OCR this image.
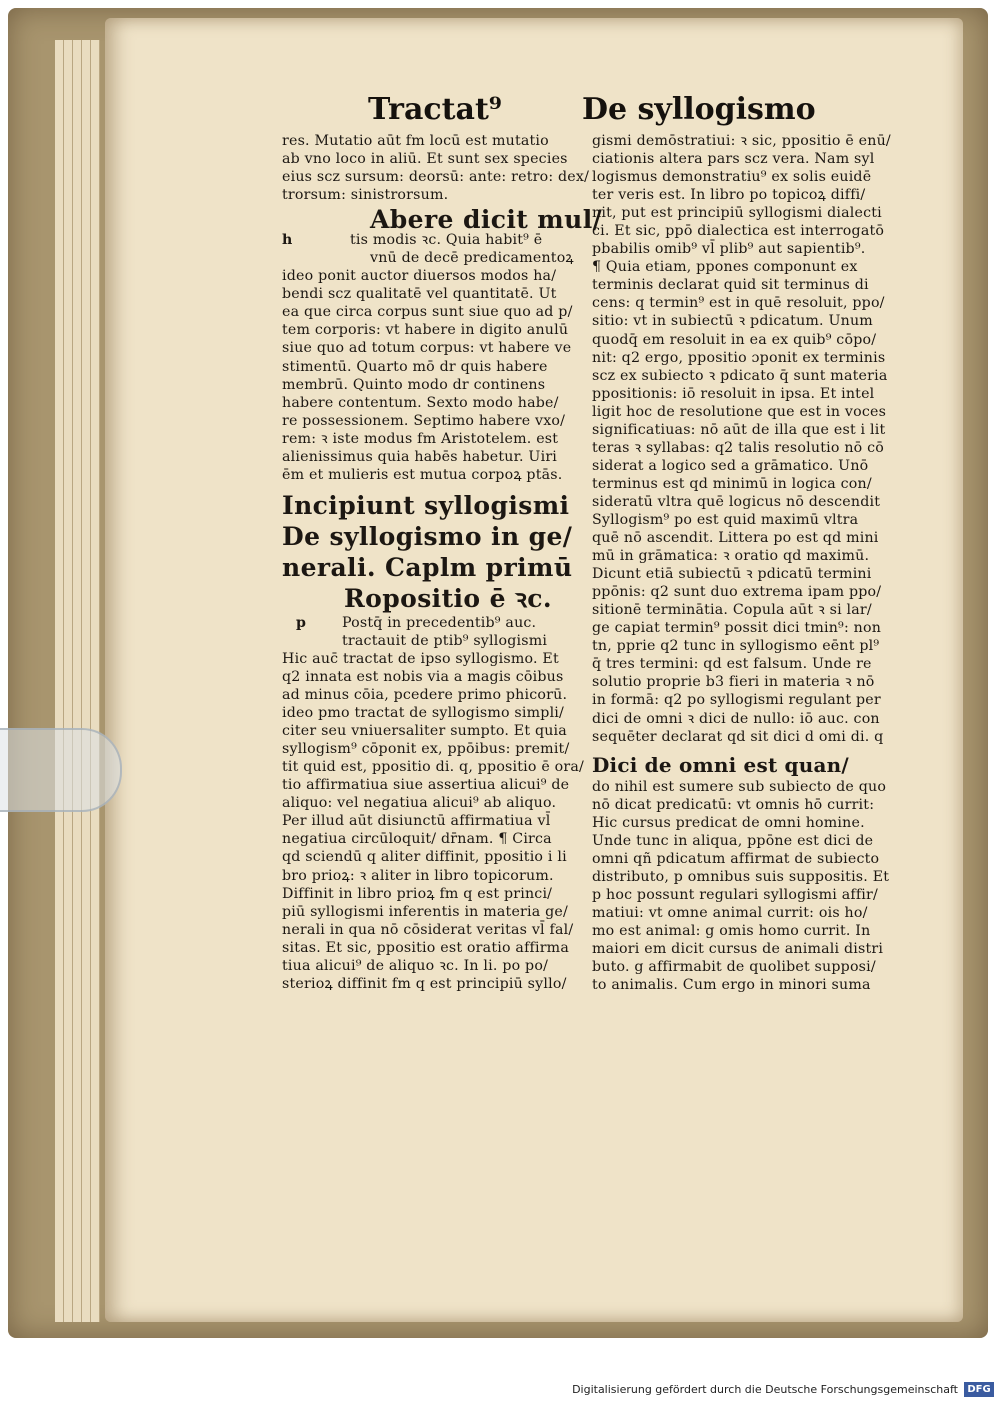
Tractat⁹	De syllogismo

res. Mutatio aūt fm locū est mutatio

ab vno loco in aliū. Et sunt sex species

eius scz sursum: deorsū: ante: retro: dex/

trorsum: sinistrorsum.

Abere dicit mul/

h	tis modis ꝛc. Quia habit⁹ ē

vnū de decē predicamentoꝝ

ideo ponit auctor diuersos modos ha/

bendi scz qualitatē vel quantitatē. Ut

ea que circa corpus sunt siue quo ad p/

tem corporis: vt habere in digito anulū

siue quo ad totum corpus: vt habere ve

stimentū. Quarto mō dr quis habere

membrū. Quinto modo dr continens

habere contentum. Sexto modo habe/

re possessionem. Septimo habere vxo/

rem: ꝛ iste modus fm Aristotelem. est

alienissimus quia habēs habetur. Uiri

ēm et mulieris est mutua corpoꝝ ptās.

Incipiunt syllogismi

De syllogismo in ge/

nerali. Caplm primū

Ropositio ē ꝛc.

p	Postq̄ in precedentib⁹ auc.

tractauit de ptib⁹ syllogismi

Hic auc̄ tractat de ipso syllogismo. Et

q2 innata est nobis via a magis cōibus

ad minus cōia, pcedere primo phicorū.

ideo pmo tractat de syllogismo simpli/

citer seu vniuersaliter sumpto. Et quia

syllogism⁹ cōponit ex, ppōibus: premit/

tit quid est, ppositio di. q, ppositio ē ora/

tio affirmatiua siue assertiua alicui⁹ de

aliquo: vel negatiua alicui⁹ ab aliquo.

Per illud aūt disiunctū affirmatiua vl̄

negatiua circūloquit/ dr̄nam. ¶ Circa

qd sciendū q aliter diffinit, ppositio i li

bro prioꝝ: ꝛ aliter in libro topicorum.

Diffinit in libro prioꝝ fm q est princi/

piū syllogismi inferentis in materia ge/

nerali in qua nō cōsiderat veritas vl̄ fal/

sitas. Et sic, ppositio est oratio affirma

tiua alicui⁹ de aliquo ꝛc. In li. po po/

sterioꝝ diffinit fm q est principiū syllo/

gismi demōstratiui: ꝛ sic, ppositio ē enū/

ciationis altera pars scz vera. Nam syl

logismus demonstratiu⁹ ex solis euidē

ter veris est. In libro po topicoꝝ diffi/

nit, put est principiū syllogismi dialecti

ci. Et sic, ppō dialectica est interrogatō

pbabilis omib⁹ vl̄ plib⁹ aut sapientib⁹.

¶ Quia etiam, ppones componunt ex

terminis declarat quid sit terminus di

cens: q termin⁹ est in quē resoluit, ppo/

sitio: vt in subiectū ꝛ pdicatum. Unum

quodq̄ em resoluit in ea ex quib⁹ cōpo/

nit: q2 ergo, ppositio ɔponit ex terminis

scz ex subiecto ꝛ pdicato q̄ sunt materia

ppositionis: iō resoluit in ipsa. Et intel

ligit hoc de resolutione que est in voces

significatiuas: nō aūt de illa que est i lit

teras ꝛ syllabas: q2 talis resolutio nō cō

siderat a logico sed a grāmatico. Unō

terminus est qd minimū in logica con/

sideratū vltra quē logicus nō descendit

Syllogism⁹ po est quid maximū vltra

quē nō ascendit. Littera po est qd mini

mū in grāmatica: ꝛ oratio qd maximū.

Dicunt etiā subiectū ꝛ pdicatū termini

ppōnis: q2 sunt duo extrema ipam ppo/

sitionē terminātia. Copula aūt ꝛ si lar/

ge capiat termin⁹ possit dici tmin⁹: non

tn, pprie q2 tunc in syllogismo eēnt pl⁹

q̄ tres termini: qd est falsum. Unde re

solutio proprie b3 fieri in materia ꝛ nō

in formā: q2 po syllogismi regulant per

dici de omni ꝛ dici de nullo: iō auc. con

sequēter declarat qd sit dici d omi di. q

Dici de omni est quan/

do nihil est sumere sub subiecto de quo

nō dicat predicatū: vt omnis hō currit:

Hic cursus predicat de omni homine.

Unde tunc in aliqua, ppōne est dici de

omni qñ pdicatum affirmat de subiecto

distributo, p omnibus suis suppositis. Et

p hoc possunt regulari syllogismi affir/

matiui: vt omne animal currit: ois ho/

mo est animal: g omis homo currit. In

maiori em dicit cursus de animali distri

buto. g affirmabit de quolibet supposi/

to animalis. Cum ergo in minori suma

Digitalisierung gefördert durch die Deutsche Forschungsgemeinschaft DFG
